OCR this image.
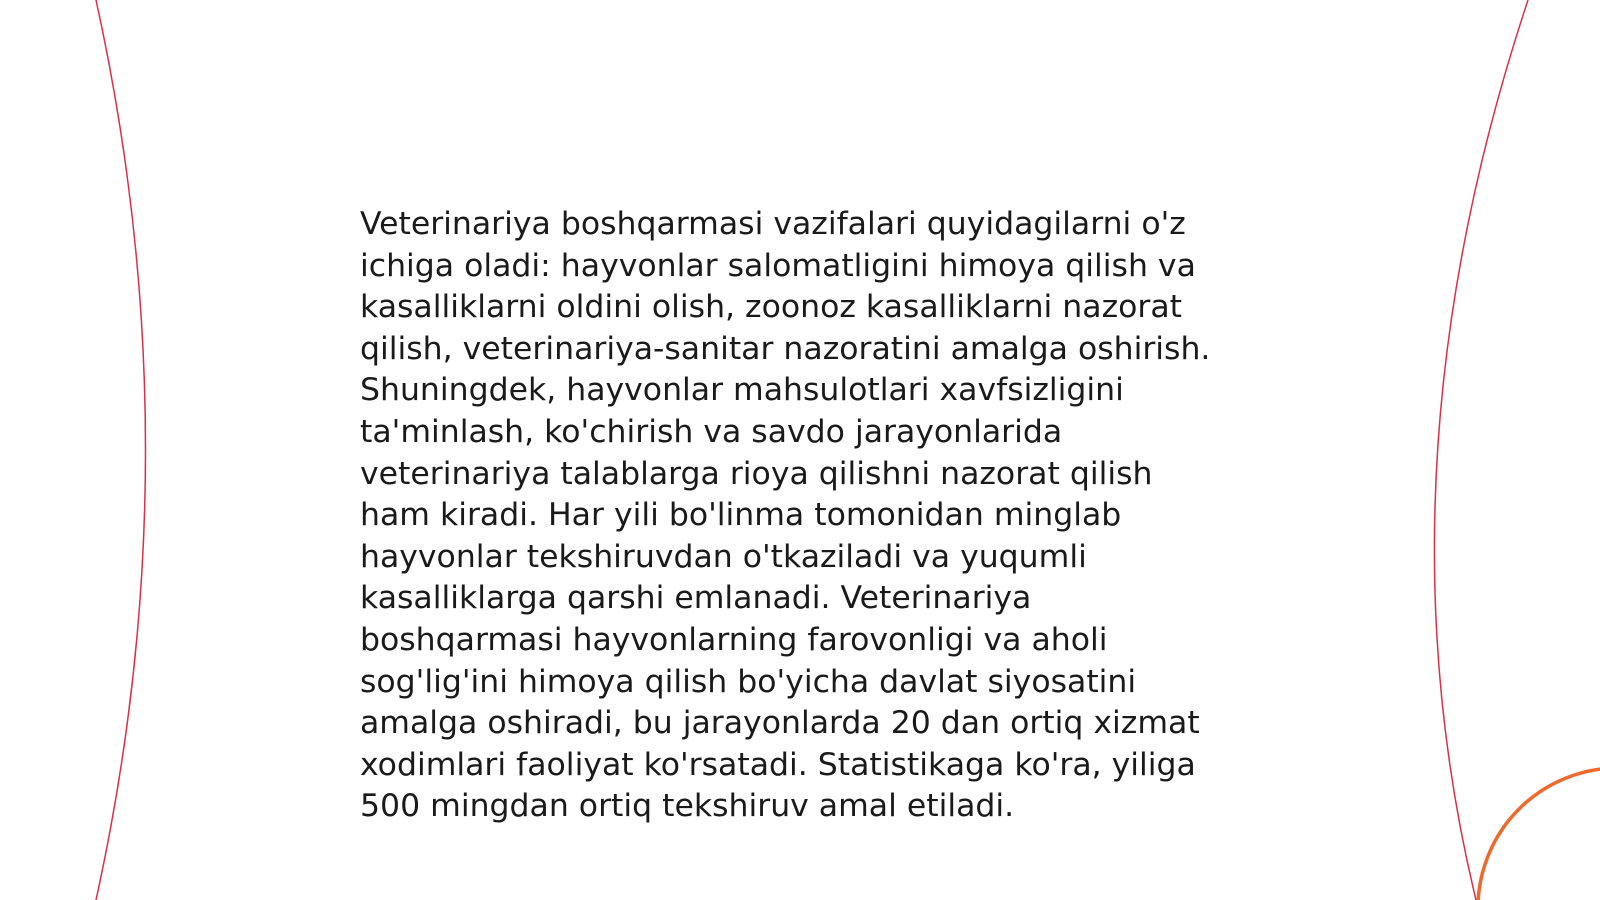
Veterinariya boshqarmasi vazifalari quyidagilarni o'z
ichiga oladi: hayvonlar salomatligini himoya qilish va
kasalliklarni oldini olish, zoonoz kasalliklarni nazorat
qilish, veterinariya-sanitar nazoratini amalga oshirish.
Shuningdek, hayvonlar mahsulotlari xavfsizligini
ta'minlash, ko'chirish va savdo jarayonlarida
veterinariya talablarga rioya qilishni nazorat qilish
ham kiradi. Har yili bo'linma tomonidan minglab
hayvonlar tekshiruvdan o'tkaziladi va yuqumli
kasalliklarga qarshi emlanadi. Veterinariya
boshqarmasi hayvonlarning farovonligi va aholi
sog'lig'ini himoya qilish bo'yicha davlat siyosatini
amalga oshiradi, bu jarayonlarda 20 dan ortiq xizmat
xodimlari faoliyat ko'rsatadi. Statistikaga ko'ra, yiliga
500 mingdan ortiq tekshiruv amal etiladi.
